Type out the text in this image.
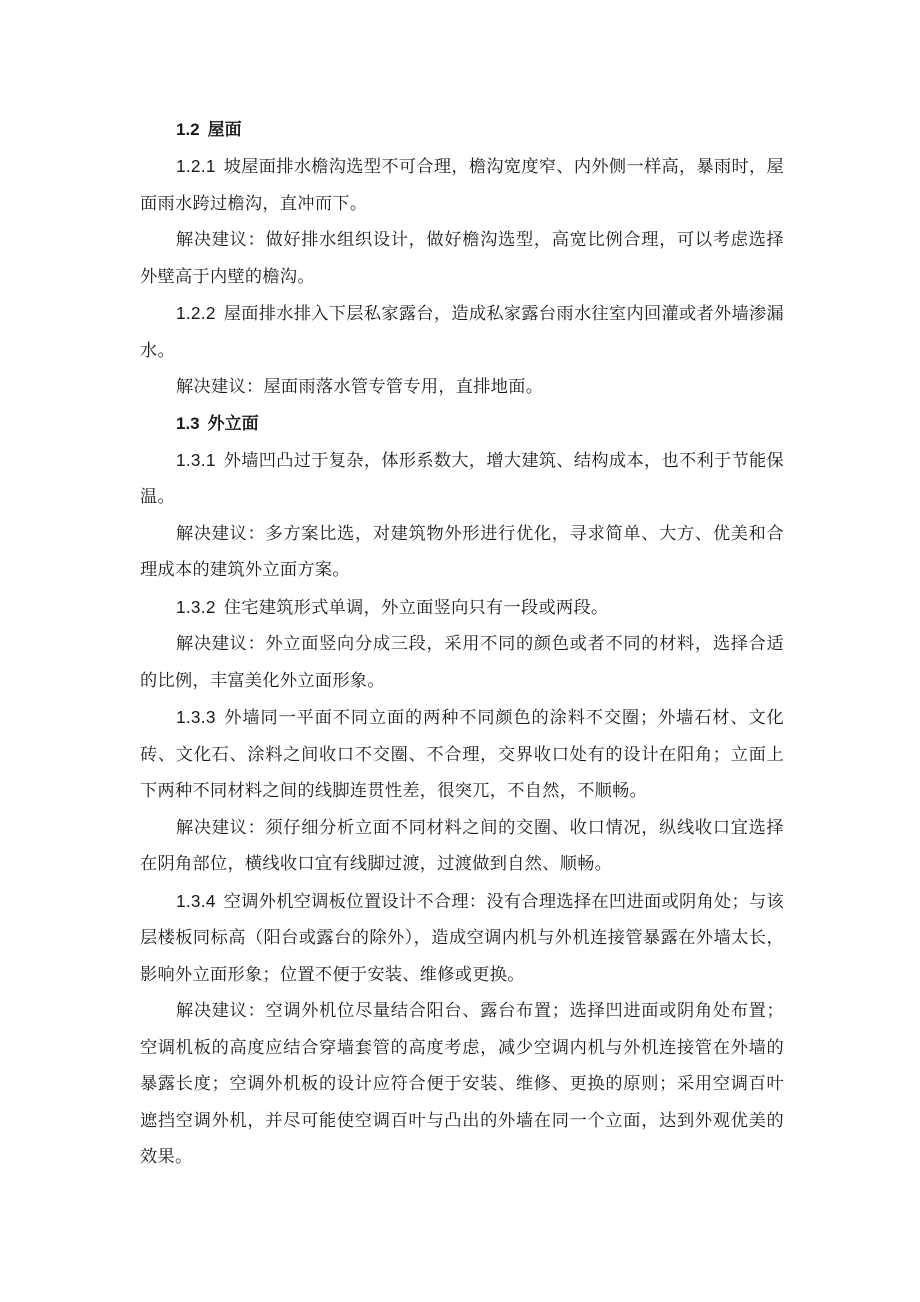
1.2 屋面

1.2.1 坡屋面排水檐沟选型不可合理，檐沟宽度窄、内外侧一样高，暴雨时，屋面雨水跨过檐沟，直冲而下。

解决建议：做好排水组织设计，做好檐沟选型，高宽比例合理，可以考虑选择外壁高于内壁的檐沟。

1.2.2 屋面排水排入下层私家露台，造成私家露台雨水往室内回灌或者外墙渗漏水。

解决建议：屋面雨落水管专管专用，直排地面。

1.3 外立面

1.3.1 外墙凹凸过于复杂，体形系数大，增大建筑、结构成本，也不利于节能保温。

解决建议：多方案比选，对建筑物外形进行优化，寻求简单、大方、优美和合理成本的建筑外立面方案。

1.3.2 住宅建筑形式单调，外立面竖向只有一段或两段。

解决建议：外立面竖向分成三段，采用不同的颜色或者不同的材料，选择合适的比例，丰富美化外立面形象。

1.3.3 外墙同一平面不同立面的两种不同颜色的涂料不交圈；外墙石材、文化砖、文化石、涂料之间收口不交圈、不合理，交界收口处有的设计在阳角；立面上下两种不同材料之间的线脚连贯性差，很突兀，不自然，不顺畅。

解决建议：须仔细分析立面不同材料之间的交圈、收口情况，纵线收口宜选择在阴角部位，横线收口宜有线脚过渡，过渡做到自然、顺畅。

1.3.4 空调外机空调板位置设计不合理：没有合理选择在凹进面或阴角处；与该层楼板同标高（阳台或露台的除外），造成空调内机与外机连接管暴露在外墙太长，影响外立面形象；位置不便于安装、维修或更换。

解决建议：空调外机位尽量结合阳台、露台布置；选择凹进面或阴角处布置；空调机板的高度应结合穿墙套管的高度考虑，减少空调内机与外机连接管在外墙的暴露长度；空调外机板的设计应符合便于安装、维修、更换的原则；采用空调百叶遮挡空调外机，并尽可能使空调百叶与凸出的外墙在同一个立面，达到外观优美的效果。
